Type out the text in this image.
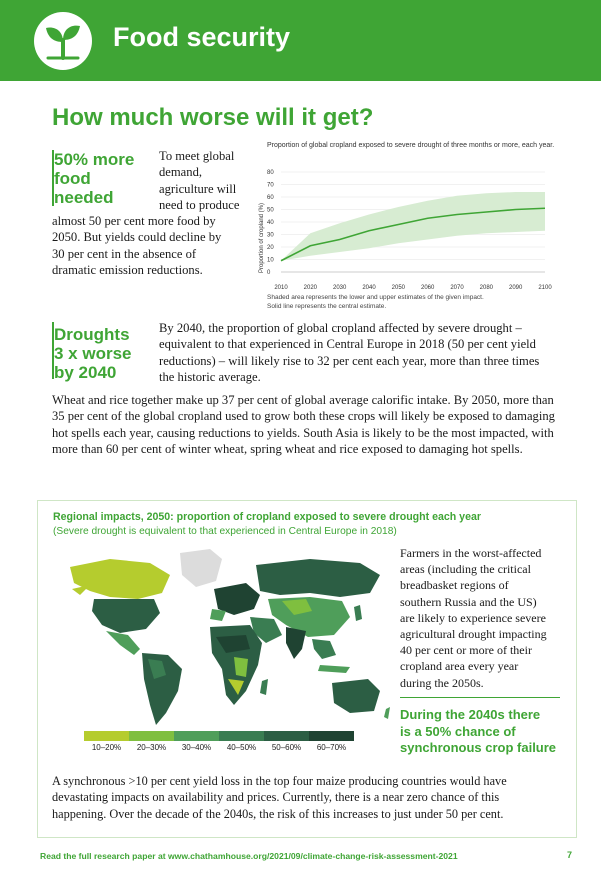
Food security
How much worse will it get?
50% more
food
needed
To meet global
demand,
agriculture will
need to produce
almost 50 per cent more food by
2050. But yields could decline by
30 per cent in the absence of
dramatic emission reductions.
Proportion of global cropland exposed to severe drought of three months or more, each year.
0
10
20
30
40
50
60
70
80
2010	2020	2030	2040	2050	2060	2070	2080	2090	2100
Proportion of cropland (%)
Shaded area represents the lower and upper estimates of the given impact.
Solid line represents the central estimate.
Droughts
3 x worse
by 2040
By 2040, the proportion of global cropland affected by severe drought –
equivalent to that experienced in Central Europe in 2018 (50 per cent yield
reductions) – will likely rise to 32 per cent each year, more than three times
the historic average.
Wheat and rice together make up 37 per cent of global average calorific intake. By 2050, more than
35 per cent of the global cropland used to grow both these crops will likely be exposed to damaging
hot spells each year, causing reductions to yields. South Asia is likely to be the most impacted, with
more than 60 per cent of winter wheat, spring wheat and rice exposed to damaging hot spells.
Regional impacts, 2050: proportion of cropland exposed to severe drought each year
(Severe drought is equivalent to that experienced in Central Europe in 2018)
10–20%	20–30%	30–40%	40–50%	50–60%	60–70%
Farmers in the worst-affected
areas (including the critical
breadbasket regions of
southern Russia and the US)
are likely to experience severe
agricultural drought impacting
40 per cent or more of their
cropland area every year
during the 2050s.
During the 2040s there
is a 50% chance of
synchronous crop failure
A synchronous >10 per cent yield loss in the top four maize producing countries would have
devastating impacts on availability and prices. Currently, there is a near zero chance of this
happening. Over the decade of the 2040s, the risk of this increases to just under 50 per cent.
Read the full research paper at www.chathamhouse.org/2021/09/climate-change-risk-assessment-2021	7
